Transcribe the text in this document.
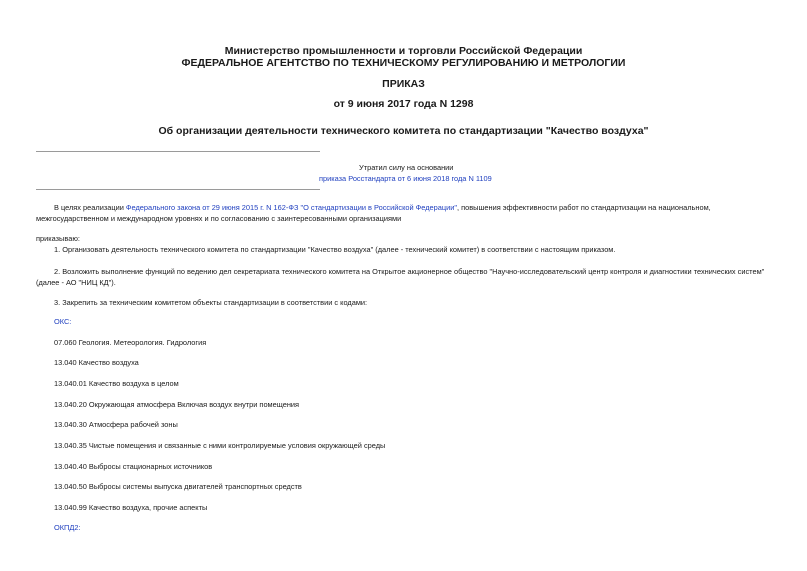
Министерство промышленности и торговли Российской Федерации
ФЕДЕРАЛЬНОЕ АГЕНТСТВО ПО ТЕХНИЧЕСКОМУ РЕГУЛИРОВАНИЮ И МЕТРОЛОГИИ
ПРИКАЗ
от 9 июня 2017 года N 1298
Об организации деятельности технического комитета по стандартизации "Качество воздуха"
Утратил силу на основании
приказа Росстандарта от 6 июня 2018 года N 1109
В целях реализации Федерального закона от 29 июня 2015 г. N 162-ФЗ "О стандартизации в Российской Федерации", повышения эффективности работ по стандартизации на национальном, межгосударственном и международном уровнях и по согласованию с заинтересованными организациями
приказываю:
1. Организовать деятельность технического комитета по стандартизации "Качество воздуха" (далее - технический комитет) в соответствии с настоящим приказом.
2. Возложить выполнение функций по ведению дел секретариата технического комитета на Открытое акционерное общество "Научно-исследовательский центр контроля и диагностики технических систем" (далее - АО "НИЦ КД").
3. Закрепить за техническим комитетом объекты стандартизации в соответствии с кодами:
ОКС:
07.060 Геология. Метеорология. Гидрология
13.040 Качество воздуха
13.040.01 Качество воздуха в целом
13.040.20 Окружающая атмосфера Включая воздух внутри помещения
13.040.30 Атмосфера рабочей зоны
13.040.35 Чистые помещения и связанные с ними контролируемые условия окружающей среды
13.040.40 Выбросы стационарных источников
13.040.50 Выбросы системы выпуска двигателей транспортных средств
13.040.99 Качество воздуха, прочие аспекты
ОКПД2:
